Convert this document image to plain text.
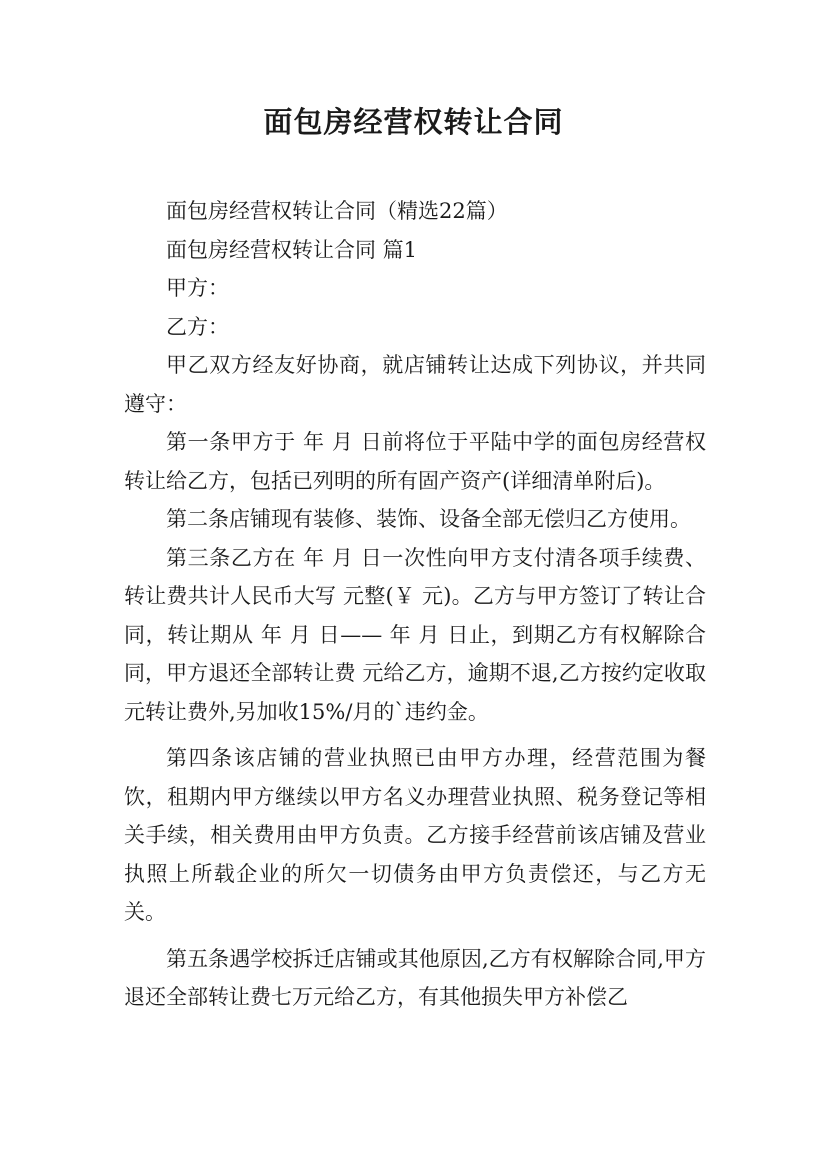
面包房经营权转让合同

面包房经营权转让合同（精选22篇）

面包房经营权转让合同 篇1

甲方：

乙方：

甲乙双方经友好协商，就店铺转让达成下列协议，并共同遵守：

第一条甲方于 年 月 日前将位于平陆中学的面包房经营权转让给乙方，包括已列明的所有固产资产(详细清单附后)。

第二条店铺现有装修、装饰、设备全部无偿归乙方使用。

第三条乙方在 年 月 日一次性向甲方支付清各项手续费、转让费共计人民币大写 元整(￥ 元)。乙方与甲方签订了转让合同，转让期从 年 月 日—— 年 月 日止，到期乙方有权解除合同，甲方退还全部转让费 元给乙方，逾期不退,乙方按约定收取 元转让费外,另加收15%/月的`违约金。

第四条该店铺的营业执照已由甲方办理，经营范围为餐饮，租期内甲方继续以甲方名义办理营业执照、税务登记等相关手续，相关费用由甲方负责。乙方接手经营前该店铺及营业执照上所载企业的所欠一切债务由甲方负责偿还，与乙方无关。

第五条遇学校拆迁店铺或其他原因,乙方有权解除合同,甲方退还全部转让费七万元给乙方，有其他损失甲方补偿乙
